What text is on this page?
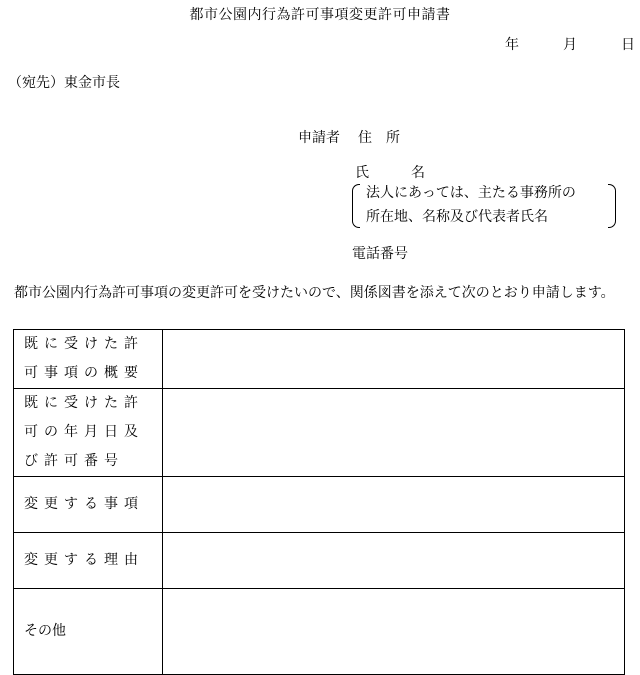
都市公園内行為許可事項変更許可申請書
年	月	日
（宛先）東金市長
申請者 住　所
氏　名
法人にあっては、主たる事務所の
所在地、名称及び代表者氏名
電話番号
都市公園内行為許可事項の変更許可を受けたいので、関係図書を添えて次のとおり申請します。
既に受けた許
可事項の概要	

既に受けた許
可の年月日及
び許可番号	

変更する事項	

変更する理由	

その他	
